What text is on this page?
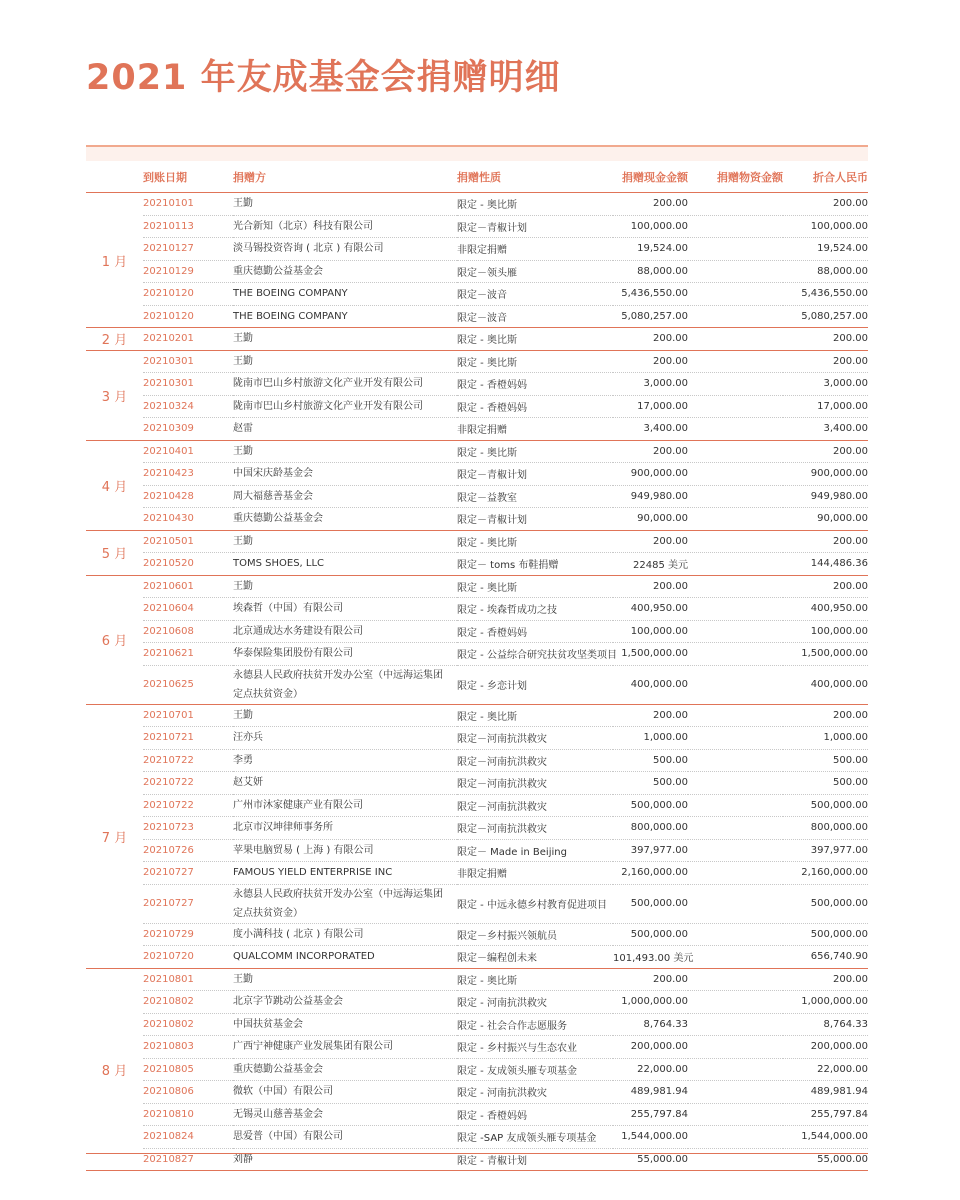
2021 年友成基金会捐赠明细
	到账日期	捐赠方	捐赠性质	捐赠现金金额	捐赠物资金额	折合人民币
1 月	20210101	王勤	限定 - 奥比斯	200.00		200.00
	20210113	光合新知（北京）科技有限公司	限定－青椒计划	100,000.00		100,000.00
	20210127	淡马锡投资咨询 ( 北京 ) 有限公司	非限定捐赠	19,524.00		19,524.00
	20210129	重庆德勤公益基金会	限定－领头雁	88,000.00		88,000.00
	20210120	THE BOEING COMPANY	限定－波音	5,436,550.00		5,436,550.00
	20210120	THE BOEING COMPANY	限定－波音	5,080,257.00		5,080,257.00
2 月	20210201	王勤	限定 - 奥比斯	200.00		200.00
3 月	20210301	王勤	限定 - 奥比斯	200.00		200.00
	20210301	陇南市巴山乡村旅游文化产业开发有限公司	限定 - 香橙妈妈	3,000.00		3,000.00
	20210324	陇南市巴山乡村旅游文化产业开发有限公司	限定 - 香橙妈妈	17,000.00		17,000.00
	20210309	赵雷	非限定捐赠	3,400.00		3,400.00
4 月	20210401	王勤	限定 - 奥比斯	200.00		200.00
	20210423	中国宋庆龄基金会	限定－青椒计划	900,000.00		900,000.00
	20210428	周大福慈善基金会	限定－益教室	949,980.00		949,980.00
	20210430	重庆德勤公益基金会	限定－青椒计划	90,000.00		90,000.00
5 月	20210501	王勤	限定 - 奥比斯	200.00		200.00
	20210520	TOMS SHOES, LLC	限定－ toms 布鞋捐赠	22485 美元		144,486.36
6 月	20210601	王勤	限定 - 奥比斯	200.00		200.00
	20210604	埃森哲（中国）有限公司	限定 - 埃森哲成功之技	400,950.00		400,950.00
	20210608	北京通成达水务建设有限公司	限定 - 香橙妈妈	100,000.00		100,000.00
	20210621	华泰保险集团股份有限公司	限定 - 公益综合研究扶贫攻坚类项目	1,500,000.00		1,500,000.00
	20210625	永德县人民政府扶贫开发办公室（中远海运集团定点扶贫资金）	限定 - 乡恋计划	400,000.00		400,000.00
7 月	20210701	王勤	限定 - 奥比斯	200.00		200.00
	20210721	汪亦兵	限定－河南抗洪救灾	1,000.00		1,000.00
	20210722	李勇	限定－河南抗洪救灾	500.00		500.00
	20210722	赵艾妍	限定－河南抗洪救灾	500.00		500.00
	20210722	广州市沐家健康产业有限公司	限定－河南抗洪救灾	500,000.00		500,000.00
	20210723	北京市汉坤律师事务所	限定－河南抗洪救灾	800,000.00		800,000.00
	20210726	苹果电脑贸易 ( 上海 ) 有限公司	限定－ Made in Beijing	397,977.00		397,977.00
	20210727	FAMOUS YIELD ENTERPRISE INC	非限定捐赠	2,160,000.00		2,160,000.00
	20210727	永德县人民政府扶贫开发办公室（中远海运集团定点扶贫资金）	限定 - 中远永德乡村教育促进项目	500,000.00		500,000.00
	20210729	度小满科技 ( 北京 ) 有限公司	限定－乡村振兴领航员	500,000.00		500,000.00
	20210720	QUALCOMM INCORPORATED	限定－编程创未来	101,493.00 美元		656,740.90
8 月	20210801	王勤	限定 - 奥比斯	200.00		200.00
	20210802	北京字节跳动公益基金会	限定 - 河南抗洪救灾	1,000,000.00		1,000,000.00
	20210802	中国扶贫基金会	限定 - 社会合作志愿服务	8,764.33		8,764.33
	20210803	广西宁神健康产业发展集团有限公司	限定 - 乡村振兴与生态农业	200,000.00		200,000.00
	20210805	重庆德勤公益基金会	限定 - 友成领头雁专项基金	22,000.00		22,000.00
	20210806	微软（中国）有限公司	限定 - 河南抗洪救灾	489,981.94		489,981.94
	20210810	无锡灵山慈善基金会	限定 - 香橙妈妈	255,797.84		255,797.84
	20210824	思爱普（中国）有限公司	限定 -SAP 友成领头雁专项基金	1,544,000.00		1,544,000.00
	20210827	刘静	限定 - 青椒计划	55,000.00		55,000.00
